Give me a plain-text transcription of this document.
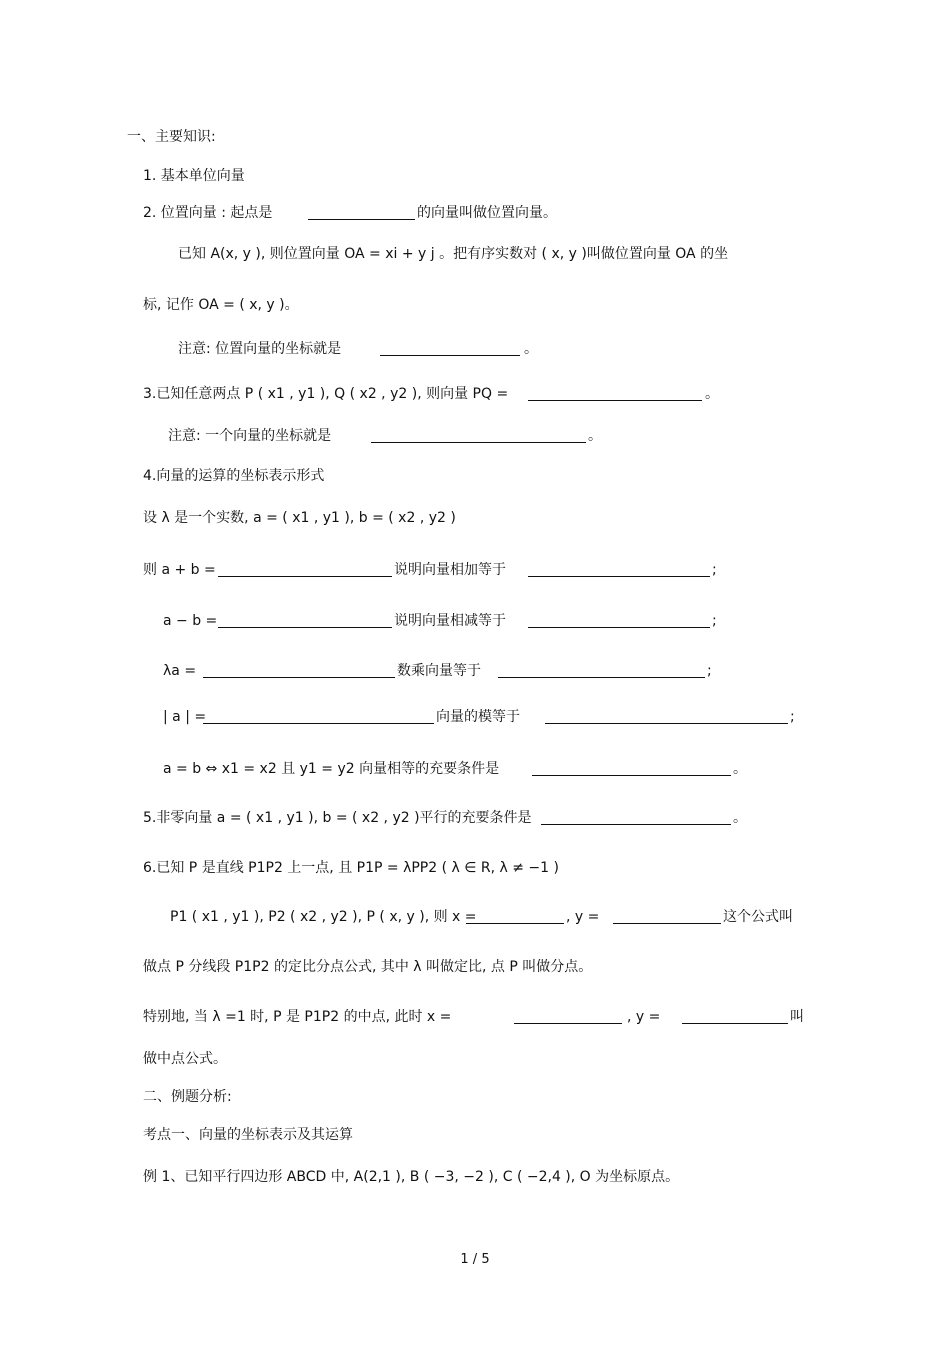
一、主要知识:
1. 基本单位向量
2. 位置向量 : 起点是	的向量叫做位置向量。
已知 A(x, y ), 则位置向量 OA = xi + y j 。把有序实数对 ( x, y )叫做位置向量 OA 的坐
标, 记作 OA = ( x, y )。
注意: 位置向量的坐标就是	。
3.已知任意两点 P ( x1 , y1 ), Q ( x2 , y2 ), 则向量 PQ =	。
注意: 一个向量的坐标就是	。
4.向量的运算的坐标表示形式
设 λ 是一个实数, a = ( x1 , y1 ), b = ( x2 , y2 )
则 a + b =	说明向量相加等于	;
a − b =	说明向量相减等于	;
λa =	数乘向量等于	;
| a | =	向量的模等于	;
a = b ⇔ x1 = x2 且 y1 = y2 向量相等的充要条件是	。
5.非零向量 a = ( x1 , y1 ), b = ( x2 , y2 )平行的充要条件是	。
6.已知 P 是直线 P1P2 上一点, 且 P1P = λPP2 ( λ ∈ R, λ ≠ −1 )
P1 ( x1 , y1 ), P2 ( x2 , y2 ), P ( x, y ), 则 x =	, y =	这个公式叫
做点 P 分线段 P1P2 的定比分点公式, 其中 λ 叫做定比, 点 P 叫做分点。
特别地, 当 λ =1 时, P 是 P1P2 的中点, 此时 x =	, y =	叫
做中点公式。
二、例题分析:
考点一、向量的坐标表示及其运算
例 1、已知平行四边形 ABCD 中, A(2,1 ), B ( −3, −2 ), C ( −2,4 ), O 为坐标原点。
1 / 5
